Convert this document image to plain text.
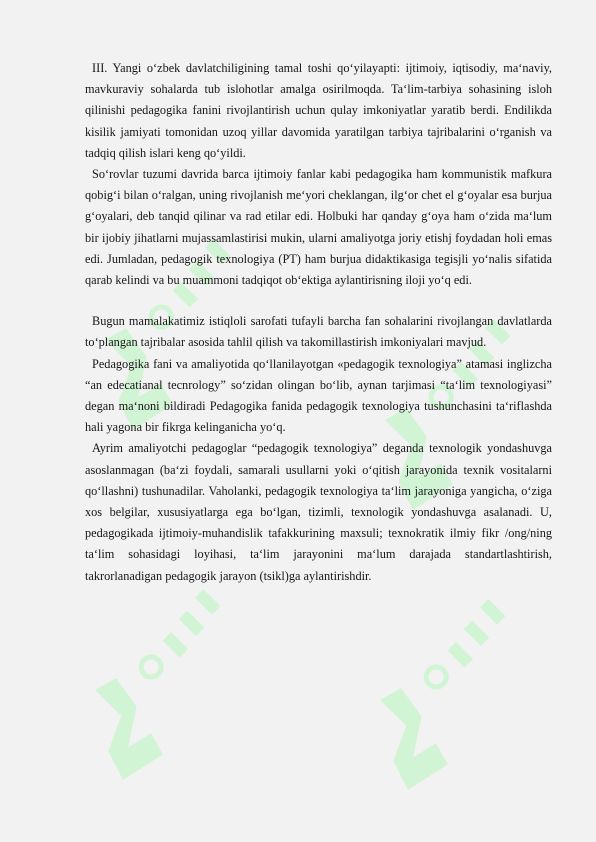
III. Yangi o‘zbek davlatchiligining tamal toshi qo‘yilayapti: ijtimoiy, iqtisodiy, ma‘naviy, mavkuraviy sohalarda tub islohotlar amalga osirilmoqda. Ta‘lim-tarbiya sohasining isloh qilinishi pedagogika fanini rivojlantirish uchun qulay imkoniyatlar yaratib berdi. Endilikda kisilik jamiyati tomonidan uzoq yillar davomida yaratilgan tarbiya tajribalarini o‘rganish va tadqiq qilish islari keng qo‘yildi.

So‘rovlar tuzumi davrida barca ijtimoiy fanlar kabi pedagogika ham kommunistik mafkura qobig‘i bilan o‘ralgan, uning rivojlanish me‘yori cheklangan, ilg‘or chet el g‘oyalar esa burjua g‘oyalari, deb tanqid qilinar va rad etilar edi. Holbuki har qanday g‘oya ham o‘zida ma‘lum bir ijobiy jihatlarni mujassamlastirisi mukin, ularni amaliyotga joriy etishj foydadan holi emas edi. Jumladan, pedagogik texnologiya (PT) ham burjua didaktikasiga tegisjli yo‘nalis sifatida qarab kelindi va bu muammoni tadqiqot ob‘ektiga aylantirisning iloji yo‘q edi.

Bugun mamalakatimiz istiqloli sarofati tufayli barcha fan sohalarini rivojlangan davlatlarda to‘plangan tajribalar asosida tahlil qilish va takomillastirish imkoniyalari mavjud.

Pedagogika fani va amaliyotida qo‘llanilayotgan «pedagogik texnologiya” atamasi inglizcha “an edecatianal tecnrology” so‘zidan olingan bo‘lib, aynan tarjimasi “ta‘lim texnologiyasi” degan ma‘noni bildiradi Pedagogika fanida pedagogik texnologiya tushunchasini ta‘riflashda hali yagona bir fikrga kelinganicha yo‘q.

Ayrim amaliyotchi pedagoglar “pedagogik texnologiya” deganda texnologik yondashuvga asoslanmagan (ba‘zi foydali, samarali usullarni yoki o‘qitish jarayonida texnik vositalarni qo‘llashni) tushunadilar. Vaholanki, pedagogik texnologiya ta‘lim jarayoniga yangicha, o‘ziga xos belgilar, xususiyatlarga ega bo‘lgan, tizimli, texnologik yondashuvga asalanadi. U, pedagogikada ijtimoiy-muhandislik tafakkurining maxsuli; texnokratik ilmiy fikr /ong/ning ta‘lim sohasidagi loyihasi, ta‘lim jarayonini ma‘lum darajada standartlashtirish, takrorlanadigan pedagogik jarayon (tsikl)ga aylantirishdir.
